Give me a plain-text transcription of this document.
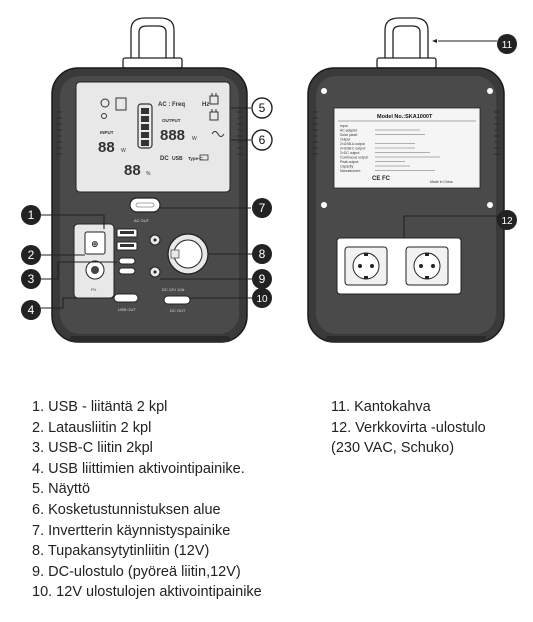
AC : Freq	Hz
INPUT
OUTPUT
DC USB Type-C
88
888
88
W
W
%
AC OUT
⊕
PV
USB OUT
DC 12V 10A
DC OUT
Model No.:SKA1000T
Input
AC adapter:
Solar panel:
Output
2×USB-A output:
2×USB-C output:
2×DC output:
Continuous output:
Peak output:
Capacity:
Manufacturer:
CE FC	Made in China
5
6
7
8
9
10
1
2
3
4
11
12
1. USB - liitäntä 2 kpl
2. Latausliitin 2 kpl
3. USB-C liitin 2kpl
4. USB liittimien aktivointipainike.
5. Näyttö
6. Kosketustunnistuksen alue
7. Invertterin käynnistyspainike
8. Tupakansytytinliitin (12V)
9. DC-ulostulo (pyöreä liitin,12V)
10. 12V ulostulojen aktivointipainike
11. Kantokahva
12. Verkkovirta -ulostulo
(230 VAC, Schuko)
